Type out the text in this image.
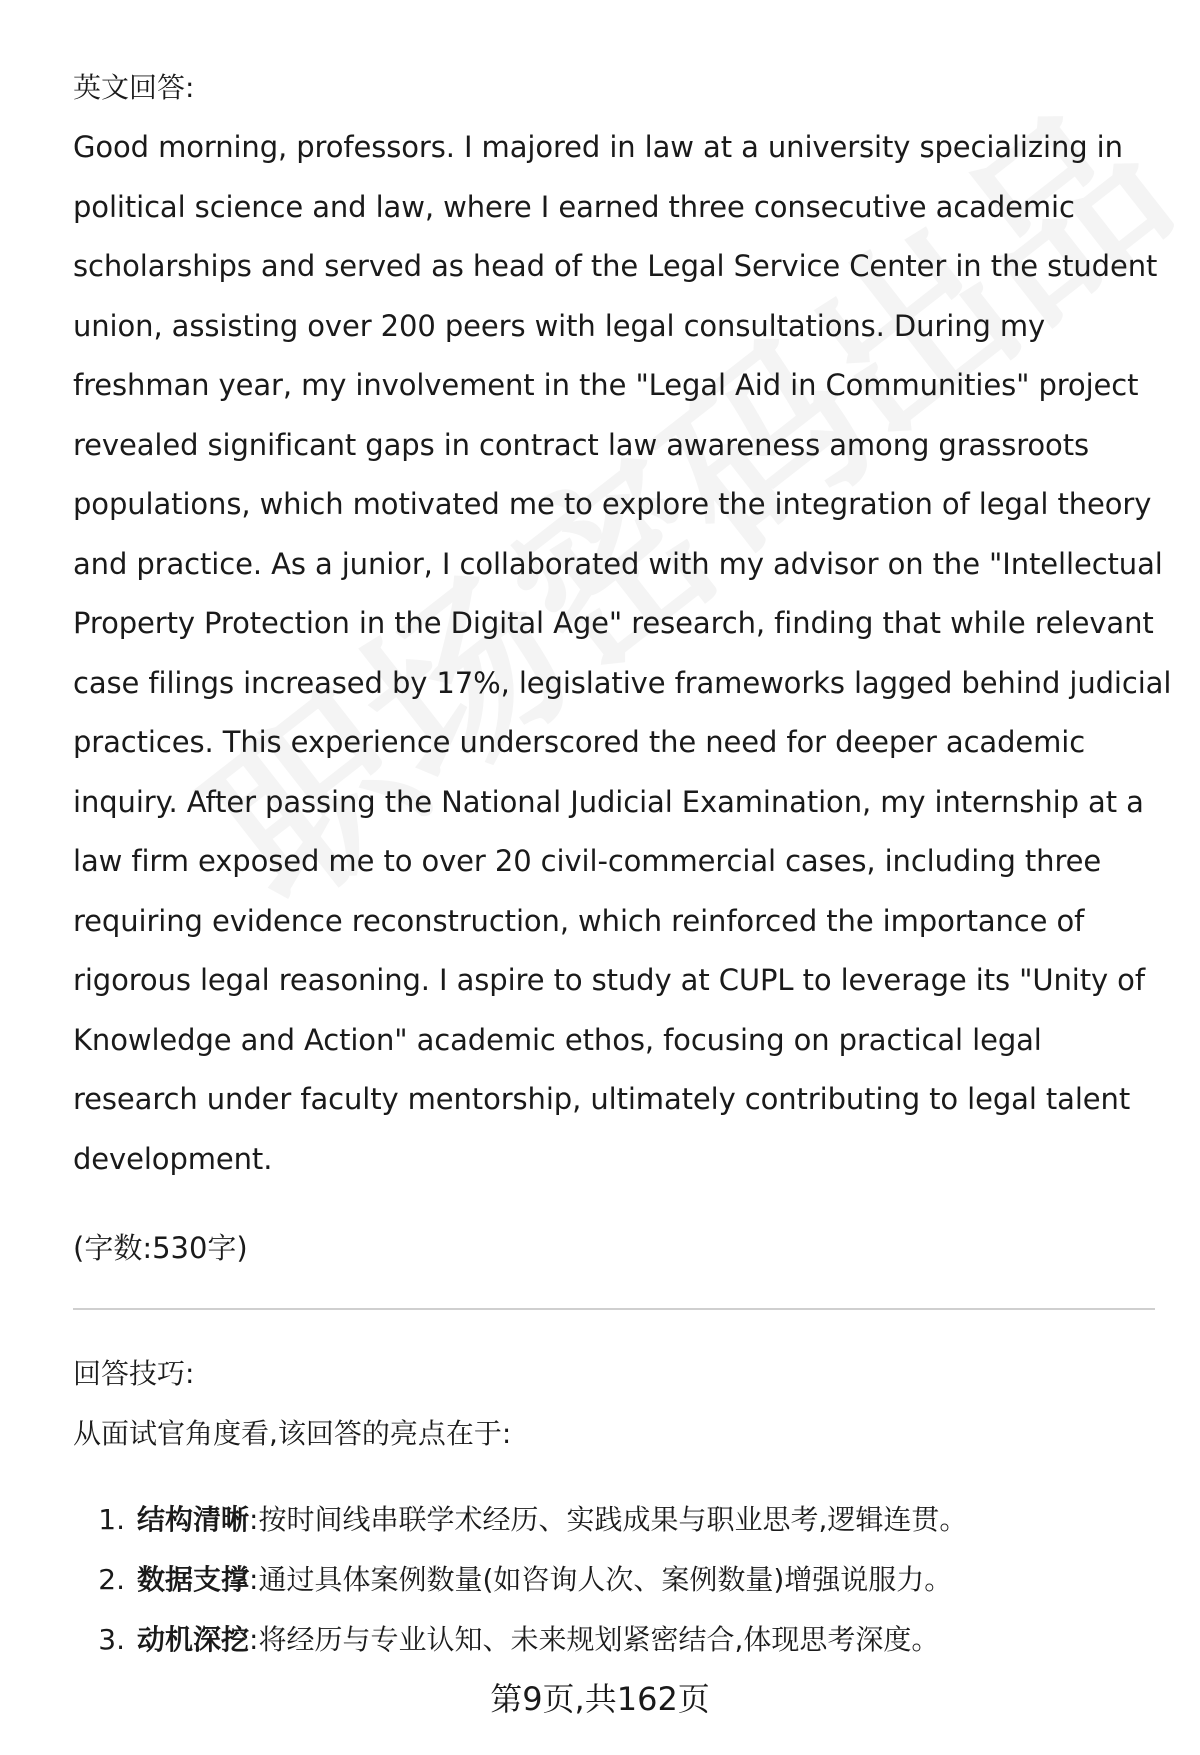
英文回答:

Good morning, professors. I majored in law at a university specializing in
political science and law, where I earned three consecutive academic
scholarships and served as head of the Legal Service Center in the student
union, assisting over 200 peers with legal consultations. During my
freshman year, my involvement in the "Legal Aid in Communities" project
revealed significant gaps in contract law awareness among grassroots
populations, which motivated me to explore the integration of legal theory
and practice. As a junior, I collaborated with my advisor on the "Intellectual
Property Protection in the Digital Age" research, finding that while relevant
case filings increased by 17%, legislative frameworks lagged behind judicial
practices. This experience underscored the need for deeper academic
inquiry. After passing the National Judicial Examination, my internship at a
law firm exposed me to over 20 civil-commercial cases, including three
requiring evidence reconstruction, which reinforced the importance of
rigorous legal reasoning. I aspire to study at CUPL to leverage its "Unity of
Knowledge and Action" academic ethos, focusing on practical legal
research under faculty mentorship, ultimately contributing to legal talent
development.

(字数:530字)
回答技巧:
从面试官角度看,该回答的亮点在于:
1. 结构清晰 :按时间线串联学术经历、实践成果与职业思考,逻辑连贯。
2. 数据支撑 :通过具体案例数量(如咨询人次、案例数量)增强说服力。
3. 动机深挖 :将经历与专业认知、未来规划紧密结合,体现思考深度。
第9页,共162页
